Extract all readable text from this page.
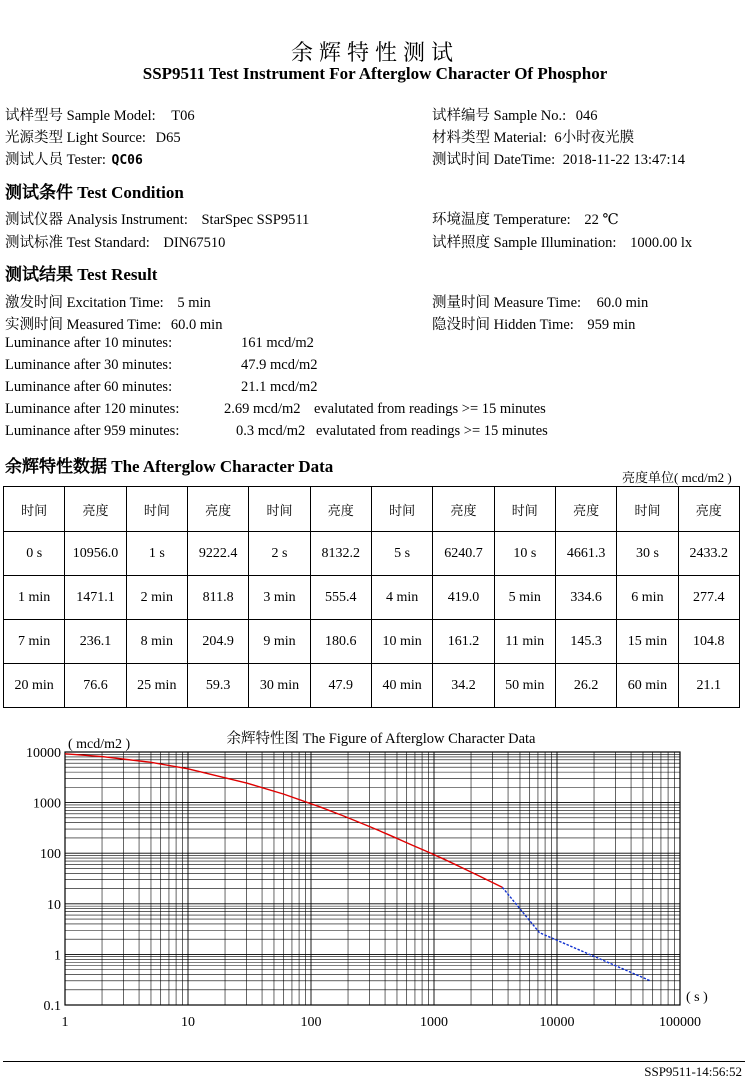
余辉特性测试
SSP9511 Test Instrument For Afterglow Character Of Phosphor
试样型号 Sample Model: T06	试样编号 Sample No.: 046
光源类型 Light Source: D65	材料类型 Material: 6小时夜光膜
测试人员 Tester: QC06	测试时间 DateTime: 2018-11-22 13:47:14
测试条件 Test Condition
测试仪器 Analysis Instrument: StarSpec SSP9511	环境温度 Temperature: 22 ℃
测试标准 Test Standard: DIN67510	试样照度 Sample Illumination: 1000.00 lx
测试结果 Test Result
激发时间 Excitation Time: 5 min	测量时间 Measure Time: 60.0 min
实测时间 Measured Time: 60.0 min	隐没时间 Hidden Time: 959 min
Luminance after 10 minutes:	161 mcd/m2
Luminance after 30 minutes:	47.9 mcd/m2
Luminance after 60 minutes:	21.1 mcd/m2
Luminance after 120 minutes:	2.69 mcd/m2 evalutated from readings >= 15 minutes
Luminance after 959 minutes:	0.3 mcd/m2 evalutated from readings >= 15 minutes
余辉特性数据 The Afterglow Character Data
亮度单位( mcd/m2 )
时间	亮度	时间	亮度	时间	亮度	时间	亮度	时间	亮度	时间	亮度
0 s	10956.0	1 s	9222.4	2 s	8132.2	5 s	6240.7	10 s	4661.3	30 s	2433.2
1 min	1471.1	2 min	811.8	3 min	555.4	4 min	419.0	5 min	334.6	6 min	277.4
7 min	236.1	8 min	204.9	9 min	180.6	10 min	161.2	11 min	145.3	15 min	104.8
20 min	76.6	25 min	59.3	30 min	47.9	40 min	34.2	50 min	26.2	60 min	21.1
余辉特性图 The Figure of Afterglow Character Data
1	10	100	1000	10000	100000
0.1
1
10
100
1000
10000
( mcd/m2 )
( s )
SSP9511-14:56:52
